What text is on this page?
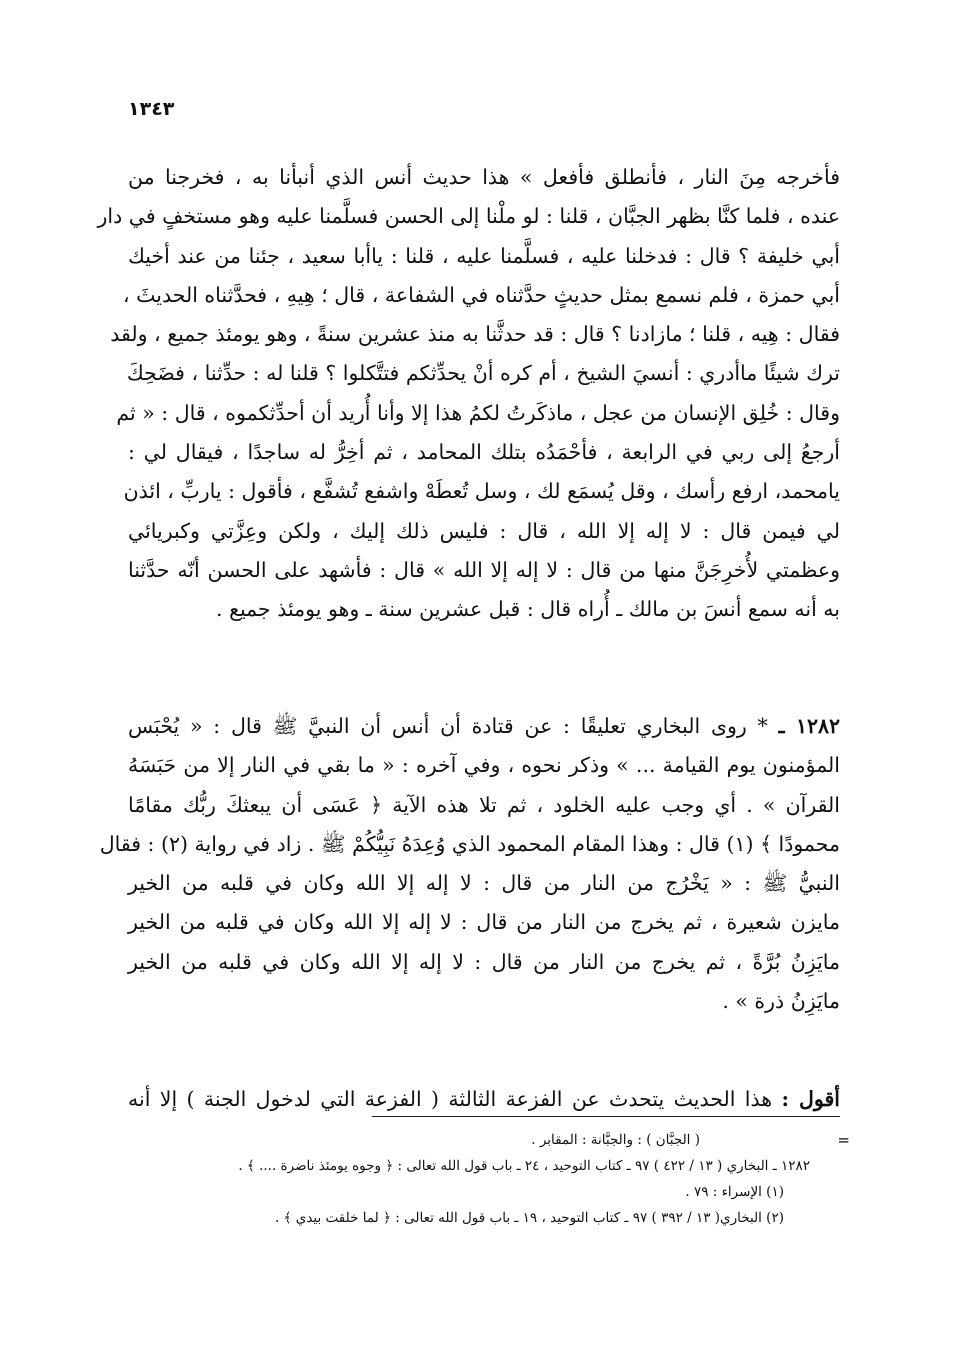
١٣٤٣
فأخرجه مِنَ النار ، فأنطلق فأفعل » هذا حديث أنس الذي أنبأنا به ، فخرجنا من
عنده ، فلما كنَّا بظهر الجبَّان ، قلنا : لو ملْنا إلى الحسن فسلَّمنا عليه وهو مستخفٍ في دار
أبي خليفة ؟ قال : فدخلنا عليه ، فسلَّمنا عليه ، قلنا : ياأبا سعيد ، جئنا من عند أخيك
أبي حمزة ، فلم نسمع بمثل حديثٍ حدَّثناه في الشفاعة ، قال ؛ هِيهِ ، فحدَّثناه الحديثَ ،
فقال : هِيه ، قلنا ؛ مازادنا ؟ قال : قد حدثَّنا به منذ عشرين سنةً ، وهو يومئذ جميع ، ولقد
ترك شيئًا ماأدري : أنسيَ الشيخ ، أم كره أنْ يحدِّثكم فتتَّكلوا ؟ قلنا له : حدِّثنا ، فضَحِكَ
وقال : خُلِق الإنسان من عجل ، ماذكَرتُ لكمُ هذا إلا وأنا أُريد أن أحدِّثكموه ، قال : « ثم
أرجعُ إلى ربي في الرابعة ، فأحْمَدُه بتلك المحامد ، ثم أخِرُّ له ساجدًا ، فيقال لي :
يامحمد، ارفع رأسك ، وقل يُسمَع لك ، وسل تُعطَهْ واشفع تُشفَّع ، فأقول : ياربِّ ، ائذن
لي فيمن قال : لا إله إلا الله ، قال : فليس ذلك إليك ، ولكن وعِزَّتي وكبريائي
وعظمتي لأُخرِجَنَّ منها من قال : لا إله إلا الله » قال : فأشهد على الحسن أنّه حدَّثنا
به أنه سمع أنسَ بن مالك ـ أُراه قال : قبل عشرين سنة ـ وهو يومئذ جميع .
١٢٨٢ ـ * روى البخاري تعليقًا : عن قتادة أن أنس أن النبيَّ ﷺ قال : « يُحْبَس
المؤمنون يوم القيامة ... » وذكر نحوه ، وفي آخره : « ما بقي في النار إلا من حَبَسَهُ
القرآن » . أي وجب عليه الخلود ، ثم تلا هذه الآية ﴿ عَسَى أن يبعثكَ ربُّك مقامًا
محمودًا ﴾ (١) قال : وهذا المقام المحمود الذي وُعِدَهُ نَبِيُّكُمْ ﷺ . زاد في رواية (٢) : فقال
النبيُّ ﷺ : « يَخْرُج من النار من قال : لا إله إلا الله وكان في قلبه من الخير
مايزن شعيرة ، ثم يخرج من النار من قال : لا إله إلا الله وكان في قلبه من الخير
مايَزِنُ بُرَّةً ، ثم يخرج من النار من قال : لا إله إلا الله وكان في قلبه من الخير
مايَزِنُ ذرة » .
أقول : هذا الحديث يتحدث عن الفزعة الثالثة ( الفزعة التي لدخول الجنة ) إلا أنه
=
( الجبَّان ) : والجبَّانة : المقابر .
١٢٨٢ ـ البخاري ( ١٣ / ٤٢٢ ) ٩٧ ـ كتاب التوحيد ، ٢٤ ـ باب قول الله تعالى : ﴿ وجوه يومئذ ناضرة .... ﴾ .
(١) الإسراء : ٧٩ .
(٢) البخاري( ١٣ / ٣٩٢ ) ٩٧ ـ كتاب التوحيد ، ١٩ ـ باب قول الله تعالى : ﴿ لما خلقت بيدي ﴾ .
